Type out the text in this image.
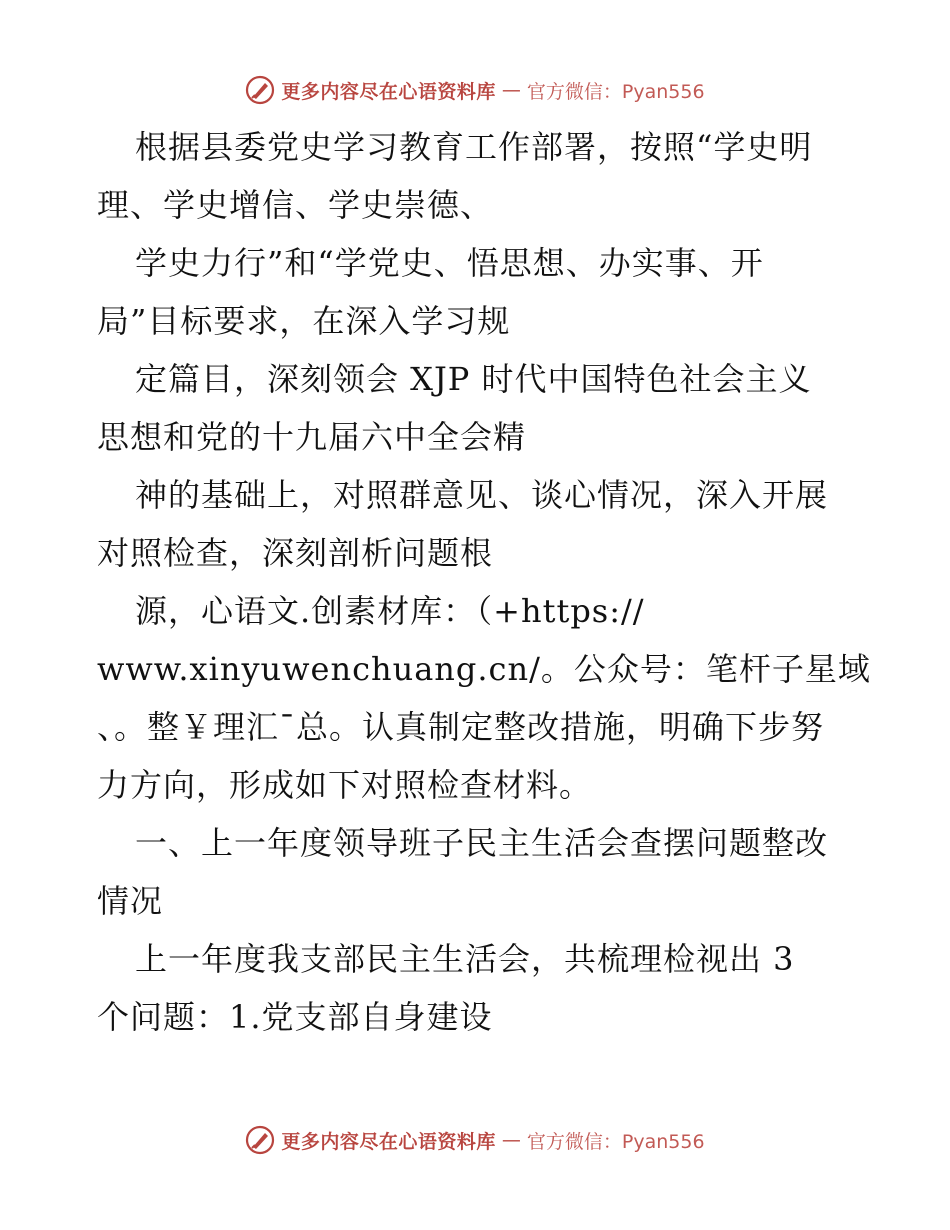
更多内容尽在心语资料库 — 官方微信：Pyan556
根据县委党史学习教育工作部署，按照“学史明
理、学史增信、学史崇德、
学史力行”和“学党史、悟思想、办实事、开
局”目标要求，在深入学习规
定篇目，深刻领会 XJP 时代中国特色社会主义
思想和党的十九届六中全会精
神的基础上，对照群意见、谈心情况，深入开展
对照检查，深刻剖析问题根
源，心语文.创素材库：（+https://
www.xinyuwenchuang.cn/。公众号：笔杆子星域
、。整￥理汇¯总。认真制定整改措施，明确下步努
力方向，形成如下对照检查材料。
一、上一年度领导班子民主生活会查摆问题整改
情况
上一年度我支部民主生活会，共梳理检视出 3
个问题：1.党支部自身建设
更多内容尽在心语资料库 — 官方微信：Pyan556
